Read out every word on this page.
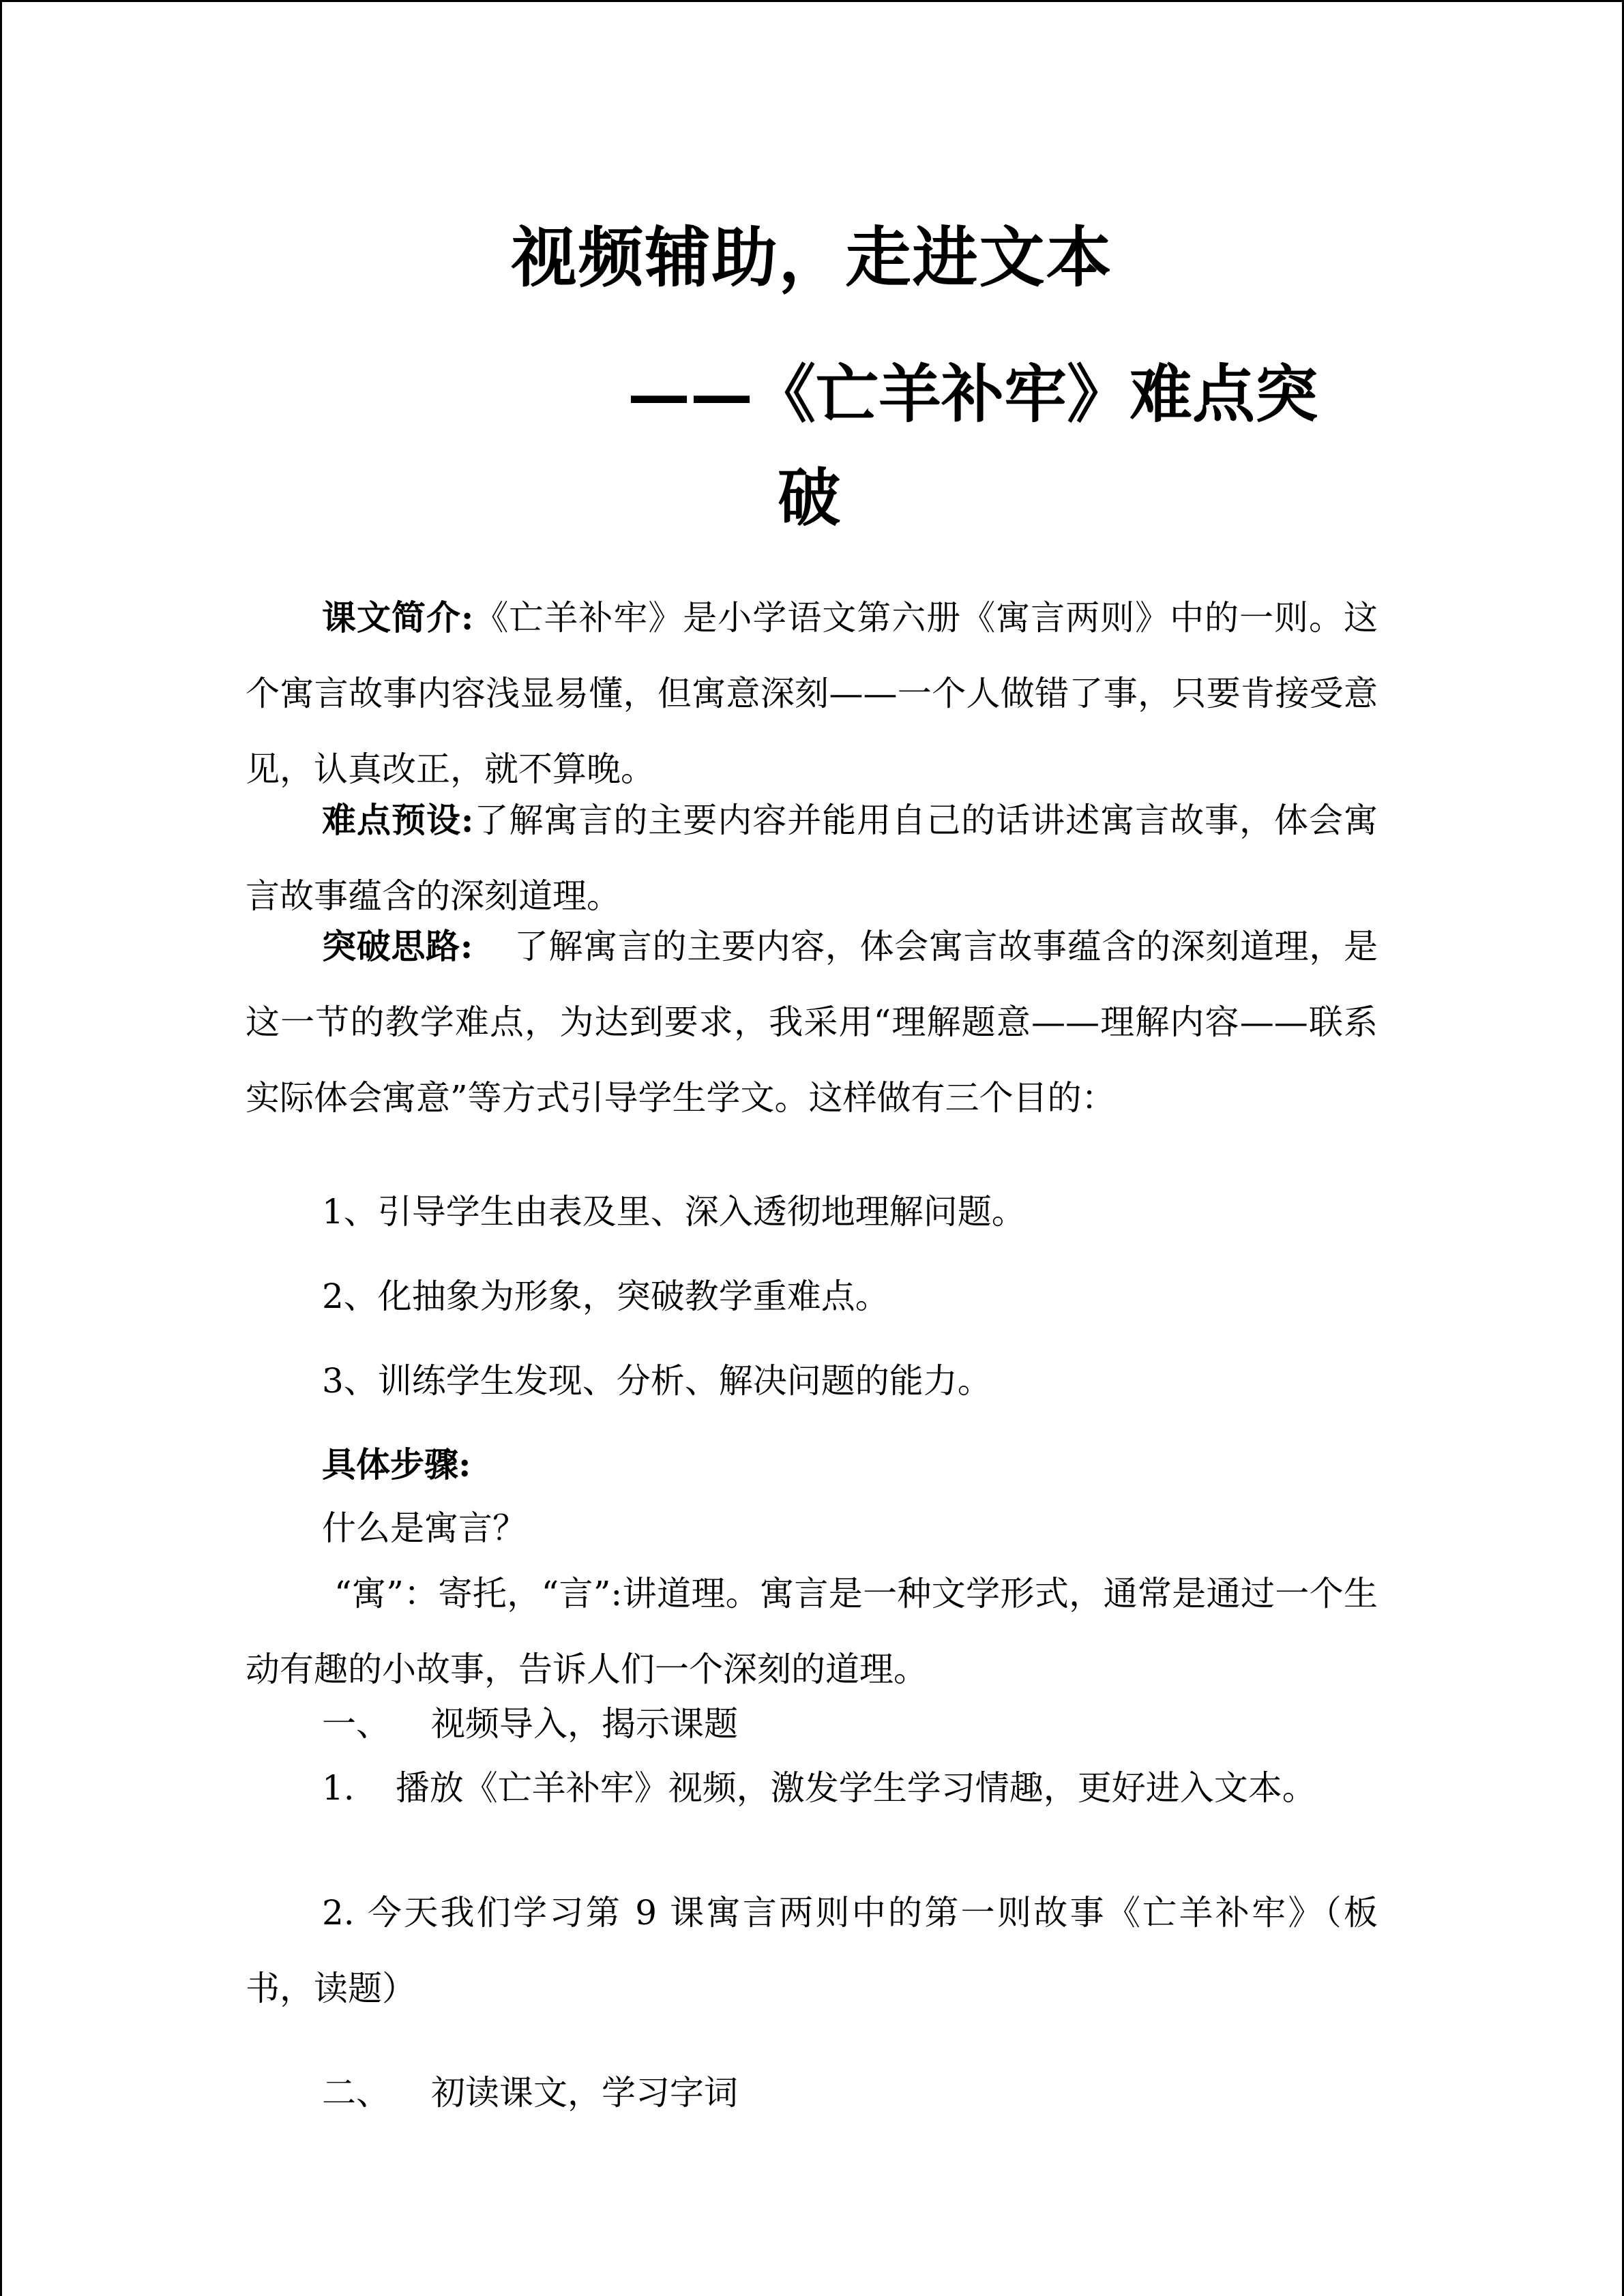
视频辅助，走进文本
——《亡羊补牢》难点突
破

课文简介:《亡羊补牢》是小学语文第六册《寓言两则》中的一则。这个寓言故事内容浅显易懂，但寓意深刻——一个人做错了事，只要肯接受意见，认真改正，就不算晚。

难点预设:了解寓言的主要内容并能用自己的话讲述寓言故事，体会寓言故事蕴含的深刻道理。

突破思路: 了解寓言的主要内容，体会寓言故事蕴含的深刻道理，是这一节的教学难点，为达到要求，我采用“理解题意——理解内容——联系实际体会寓意”等方式引导学生学文。这样做有三个目的：

1、引导学生由表及里、深入透彻地理解问题。
2、化抽象为形象，突破教学重难点。
3、训练学生发现、分析、解决问题的能力。
具体步骤:
什么是寓言？

“寓”：寄托，“言”:讲道理。寓言是一种文学形式，通常是通过一个生动有趣的小故事，告诉人们一个深刻的道理。

一、 视频导入，揭示课题

1. 播放《亡羊补牢》视频，激发学生学习情趣，更好进入文本。

2. 今天我们学习第 9 课寓言两则中的第一则故事《亡羊补牢》（板书，读题）

二、 初读课文，学习字词
